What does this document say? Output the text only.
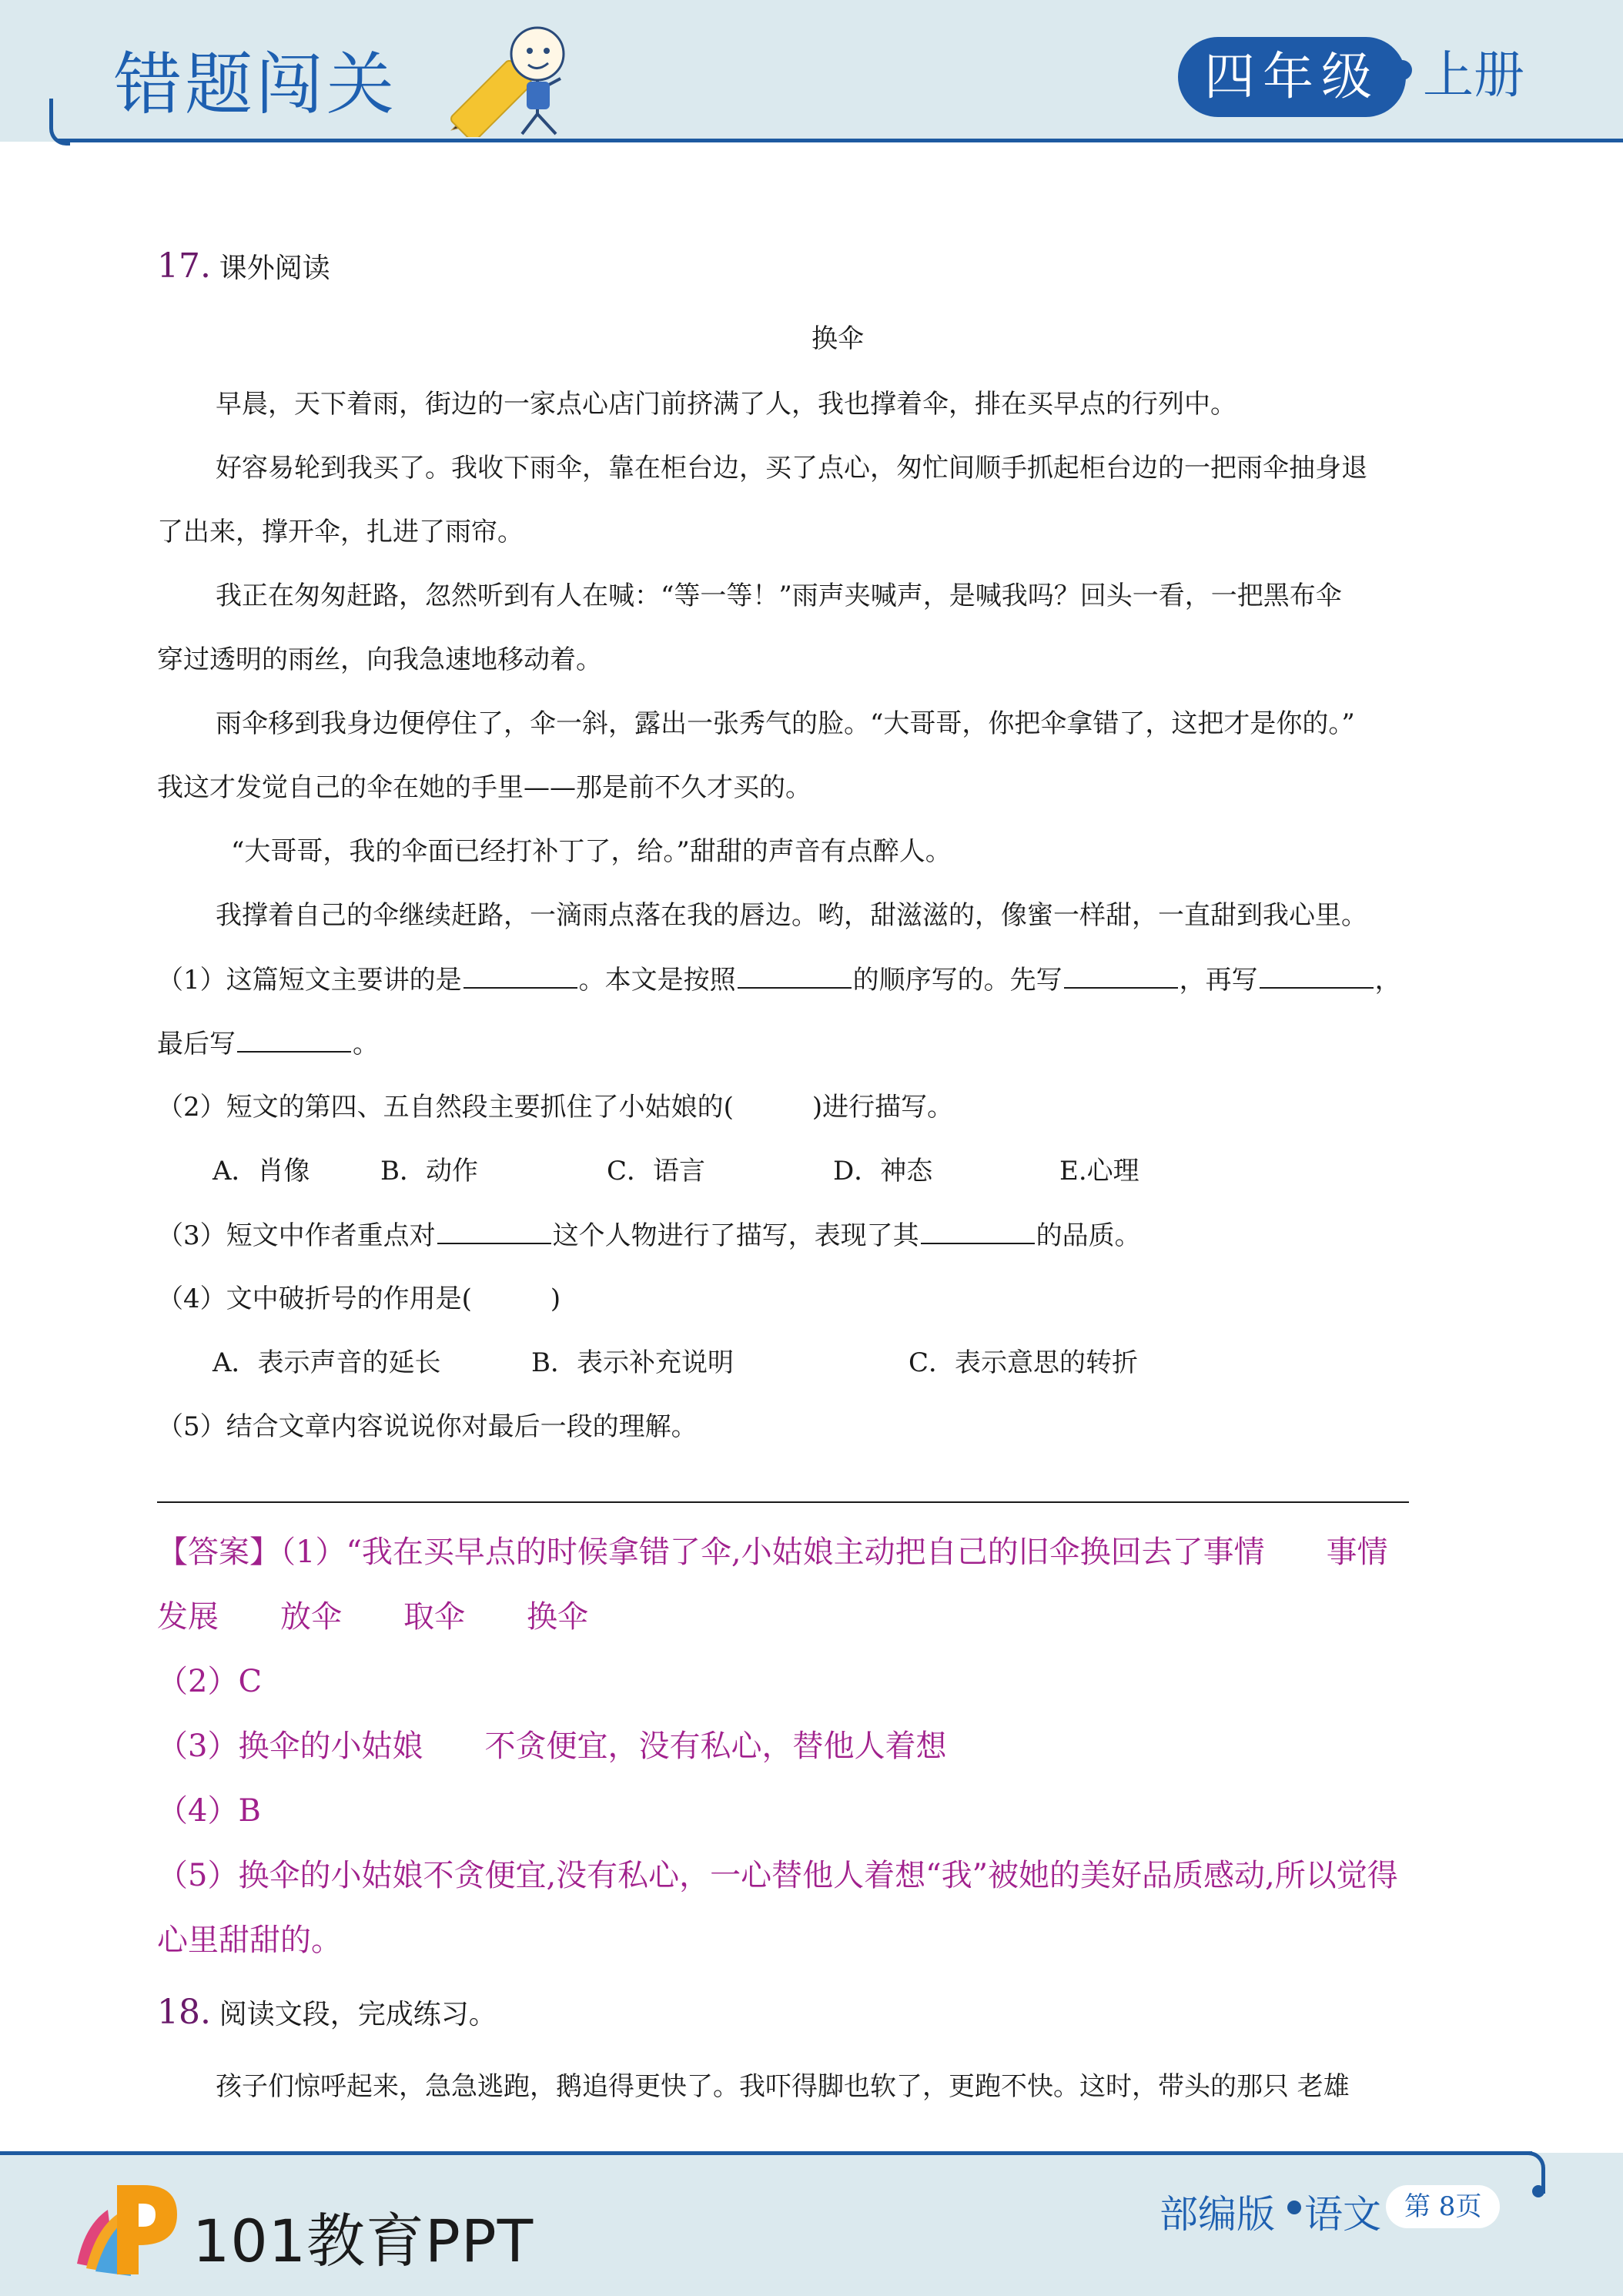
错题闯关	四年级 上册
17. 课外阅读
换伞
早晨，天下着雨，街边的一家点心店门前挤满了人，我也撑着伞，排在买早点的行列中。
好容易轮到我买了。我收下雨伞，靠在柜台边，买了点心，匆忙间顺手抓起柜台边的一把雨伞抽身退
了出来，撑开伞，扎进了雨帘。
我正在匆匆赶路，忽然听到有人在喊：“等一等！”雨声夹喊声，是喊我吗？回头一看，一把黑布伞
穿过透明的雨丝，向我急速地移动着。
雨伞移到我身边便停住了，伞一斜，露出一张秀气的脸。“大哥哥，你把伞拿错了，这把才是你的。”
我这才发觉自己的伞在她的手里——那是前不久才买的。
“大哥哥，我的伞面已经打补丁了，给。”甜甜的声音有点醉人。
我撑着自己的伞继续赶路，一滴雨点落在我的唇边。哟，甜滋滋的，像蜜一样甜，一直甜到我心里。
（1）这篇短文主要讲的是	。本文是按照	的顺序写的。先写	，再写	，
最后写	。
（2）短文的第四、五自然段主要抓住了小姑娘的(　　　)进行描写。
A．肖像	B．动作	C．语言	D．神态	E.心理
（3）短文中作者重点对	这个人物进行了描写，表现了其	的品质。
（4）文中破折号的作用是(　　　)
A．表示声音的延长	B．表示补充说明	C．表示意思的转折
（5）结合文章内容说说你对最后一段的理解。
【答案】（1）“我在买早点的时候拿错了伞,小姑娘主动把自己的旧伞换回去了事情　　事情
发展　　放伞　　取伞　　换伞
（2）C
（3）换伞的小姑娘　　不贪便宜，没有私心，替他人着想
（4）B
（5）换伞的小姑娘不贪便宜,没有私心，一心替他人着想“我”被她的美好品质感动,所以觉得
心里甜甜的。
18. 阅读文段，完成练习。
孩子们惊呼起来，急急逃跑，鹅追得更快了。我吓得脚也软了，更跑不快。这时，带头的那只 老雄
101教育PPT	部编版 语文 第 8页
